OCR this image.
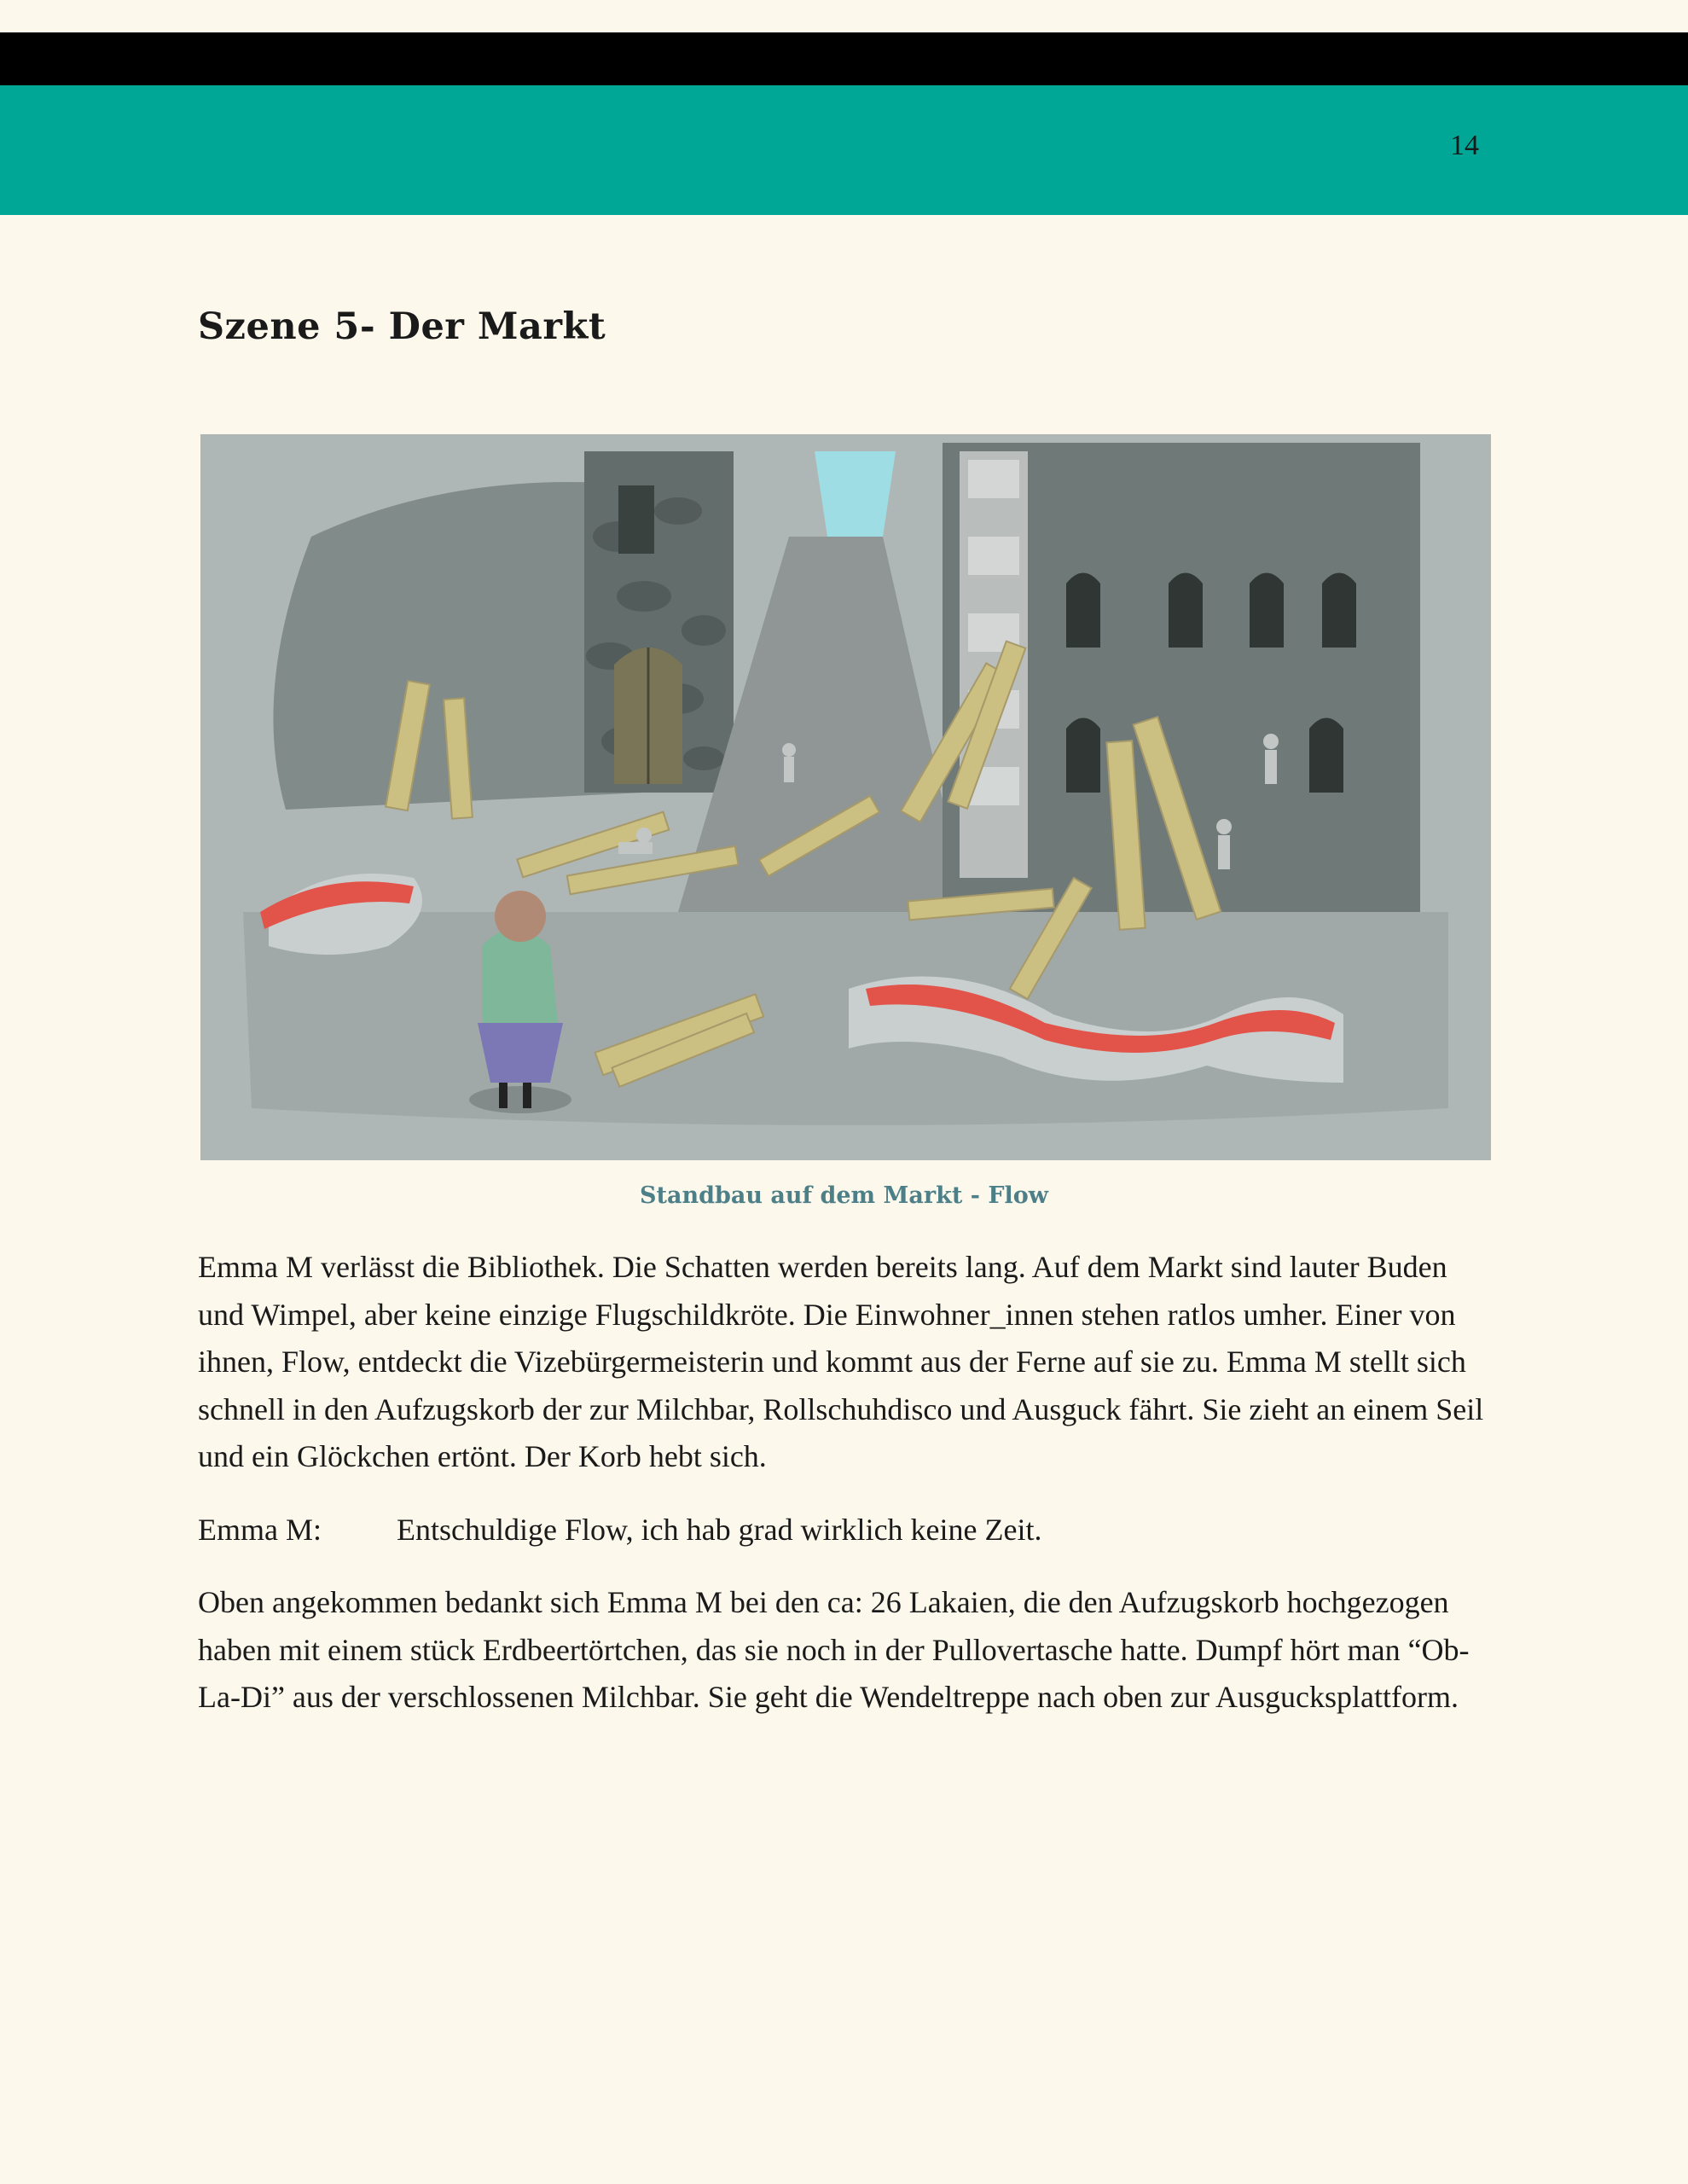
14
Szene 5- Der Markt
Standbau auf dem Markt - Flow

Emma M verlässt die Bibliothek. Die Schatten werden bereits lang. Auf dem Markt sind lauter Buden und Wimpel, aber keine einzige Flugschildkröte. Die Einwohner_innen stehen ratlos umher. Einer von ihnen, Flow, entdeckt die Vizebürgermeisterin und kommt aus der Ferne auf sie zu. Emma M stellt sich schnell in den Aufzugskorb der zur Milchbar, Rollschuhdisco und Ausguck fährt. Sie zieht an einem Seil und ein Glöckchen ertönt. Der Korb hebt sich.

Emma M:	Entschuldige Flow, ich hab grad wirklich keine Zeit.

Oben angekommen bedankt sich Emma M bei den ca: 26 Lakaien, die den Aufzugskorb hochgezogen haben mit einem stück Erdbeertörtchen, das sie noch in der Pullovertasche hatte. Dumpf hört man “Ob-La-Di” aus der verschlossenen Milchbar. Sie geht die Wendeltreppe nach oben zur Ausgucksplattform.
